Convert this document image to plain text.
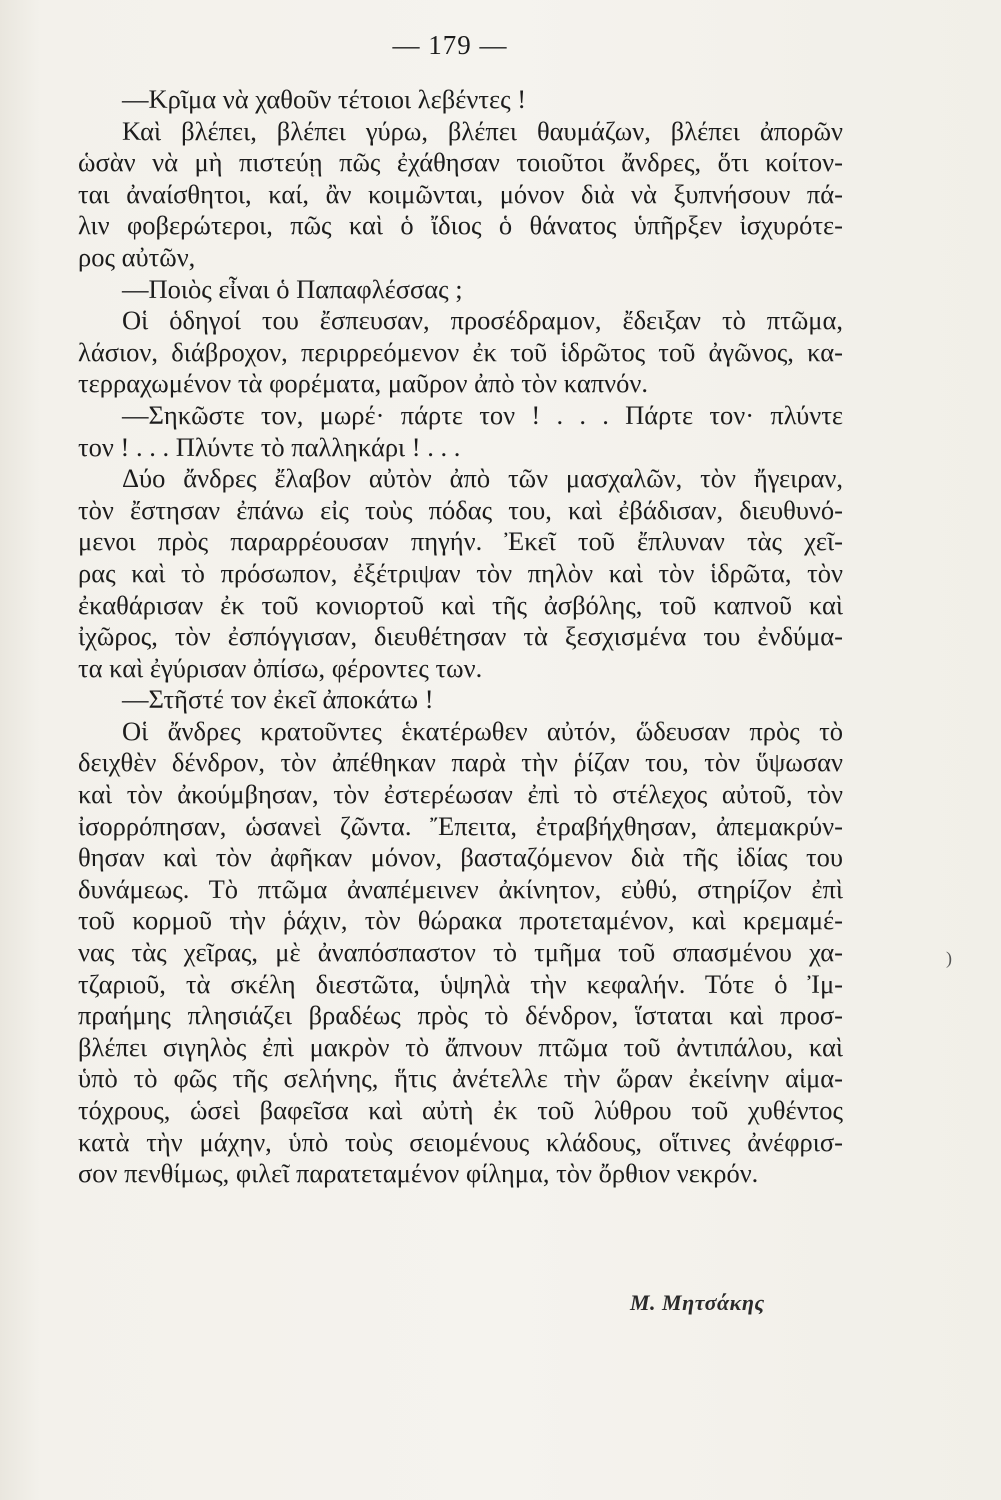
— 179 —
—Κρῖμα νὰ χαθοῦν τέτοιοι λεβέντες !
Καὶ βλέπει, βλέπει γύρω, βλέπει θαυμάζων, βλέπει ἀπορῶν
ὡσὰν νὰ μὴ πιστεύῃ πῶς ἐχάθησαν τοιοῦτοι ἄνδρες, ὅτι κοίτον-
ται ἀναίσθητοι, καί, ἂν κοιμῶνται, μόνον διὰ νὰ ξυπνήσουν πά-
λιν φοβερώτεροι, πῶς καὶ ὁ ἴδιος ὁ θάνατος ὑπῆρξεν ἰσχυρότε-
ρος αὐτῶν,
—Ποιὸς εἶναι ὁ Παπαφλέσσας ;
Οἱ ὁδηγοί του ἔσπευσαν, προσέδραμον, ἔδειξαν τὸ πτῶμα,
λάσιον, διάβροχον, περιρρεόμενον ἐκ τοῦ ἱδρῶτος τοῦ ἀγῶνος, κα-
τερραχωμένον τὰ φορέματα, μαῦρον ἀπὸ τὸν καπνόν.
—Σηκῶστε τον, μωρέ· πάρτε τον ! . . . Πάρτε τον· πλύντε
τον ! . . . Πλύντε τὸ παλληκάρι ! . . .
Δύο ἄνδρες ἔλαβον αὐτὸν ἀπὸ τῶν μασχαλῶν, τὸν ἤγειραν,
τὸν ἔστησαν ἐπάνω εἰς τοὺς πόδας του, καὶ ἐβάδισαν, διευθυνό-
μενοι πρὸς παραρρέουσαν πηγήν. Ἐκεῖ τοῦ ἔπλυναν τὰς χεῖ-
ρας καὶ τὸ πρόσωπον, ἐξέτριψαν τὸν πηλὸν καὶ τὸν ἱδρῶτα, τὸν
ἐκαθάρισαν ἐκ τοῦ κονιορτοῦ καὶ τῆς ἀσβόλης, τοῦ καπνοῦ καὶ
ἰχῶρος, τὸν ἐσπόγγισαν, διευθέτησαν τὰ ξεσχισμένα του ἐνδύμα-
τα καὶ ἐγύρισαν ὀπίσω, φέροντες των.
—Στῆστέ τον ἐκεῖ ἀποκάτω !
Οἱ ἄνδρες κρατοῦντες ἑκατέρωθεν αὐτόν, ὥδευσαν πρὸς τὸ
δειχθὲν δένδρον, τὸν ἀπέθηκαν παρὰ τὴν ῥίζαν του, τὸν ὕψωσαν
καὶ τὸν ἀκούμβησαν, τὸν ἐστερέωσαν ἐπὶ τὸ στέλεχος αὐτοῦ, τὸν
ἰσορρόπησαν, ὡσανεὶ ζῶντα. Ἔπειτα, ἐτραβήχθησαν, ἀπεμακρύν-
θησαν καὶ τὸν ἀφῆκαν μόνον, βασταζόμενον διὰ τῆς ἰδίας του
δυνάμεως. Τὸ πτῶμα ἀναπέμεινεν ἀκίνητον, εὐθύ, στηρίζον ἐπὶ
τοῦ κορμοῦ τὴν ῥάχιν, τὸν θώρακα προτεταμένον, καὶ κρεμαμέ-
νας τὰς χεῖρας, μὲ ἀναπόσπαστον τὸ τμῆμα τοῦ σπασμένου χα-
τζαριοῦ, τὰ σκέλη διεστῶτα, ὑψηλὰ τὴν κεφαλήν. Τότε ὁ Ἰμ-
πραήμης πλησιάζει βραδέως πρὸς τὸ δένδρον, ἵσταται καὶ προσ-
βλέπει σιγηλὸς ἐπὶ μακρὸν τὸ ἄπνουν πτῶμα τοῦ ἀντιπάλου, καὶ
ὑπὸ τὸ φῶς τῆς σελήνης, ἥτις ἀνέτελλε τὴν ὥραν ἐκείνην αἱμα-
τόχρους, ὡσεὶ βαφεῖσα καὶ αὐτὴ ἐκ τοῦ λύθρου τοῦ χυθέντος
κατὰ τὴν μάχην, ὑπὸ τοὺς σειομένους κλάδους, οἵτινες ἀνέφρισ-
σον πενθίμως, φιλεῖ παρατεταμένον φίλημα, τὸν ὄρθιον νεκρόν.
Μ. Μητσάκης
)
